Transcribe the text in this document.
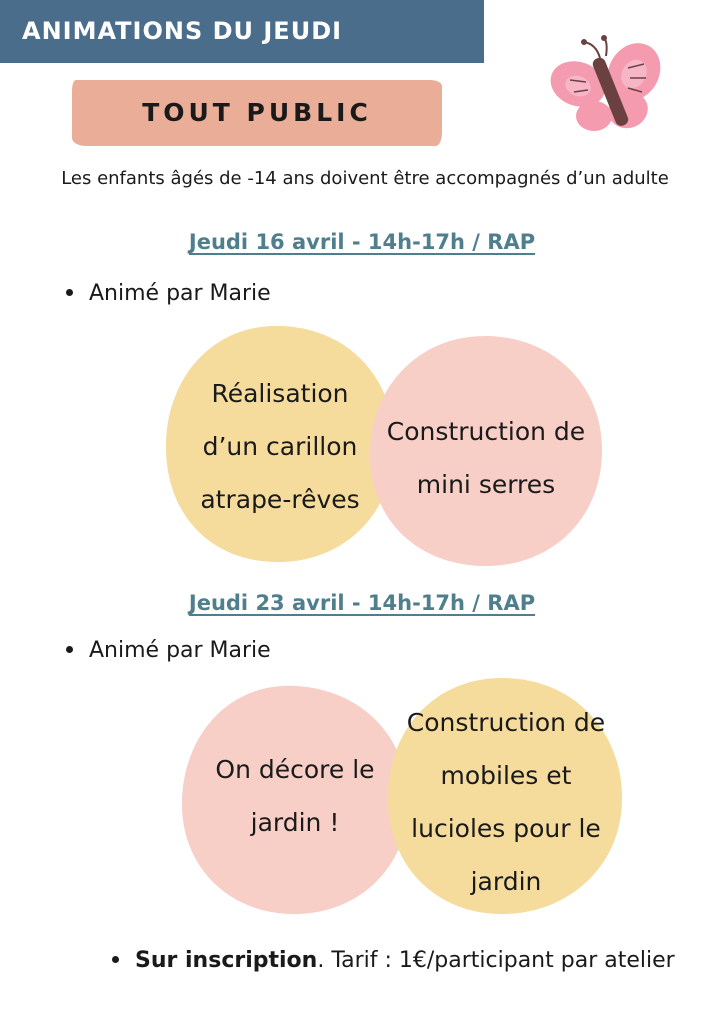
ANIMATIONS DU JEUDI
TOUT PUBLIC
Les enfants âgés de -14 ans doivent être accompagnés d’un adulte
Jeudi 16 avril - 14h-17h / RAP
Animé par Marie
Réalisation d’un carillon atrape-rêves
Construction de mini serres
Jeudi 23 avril - 14h-17h / RAP
Animé par Marie
On décore le jardin !
Construction de mobiles et lucioles pour le jardin
Sur inscription. Tarif : 1€/participant par atelier
